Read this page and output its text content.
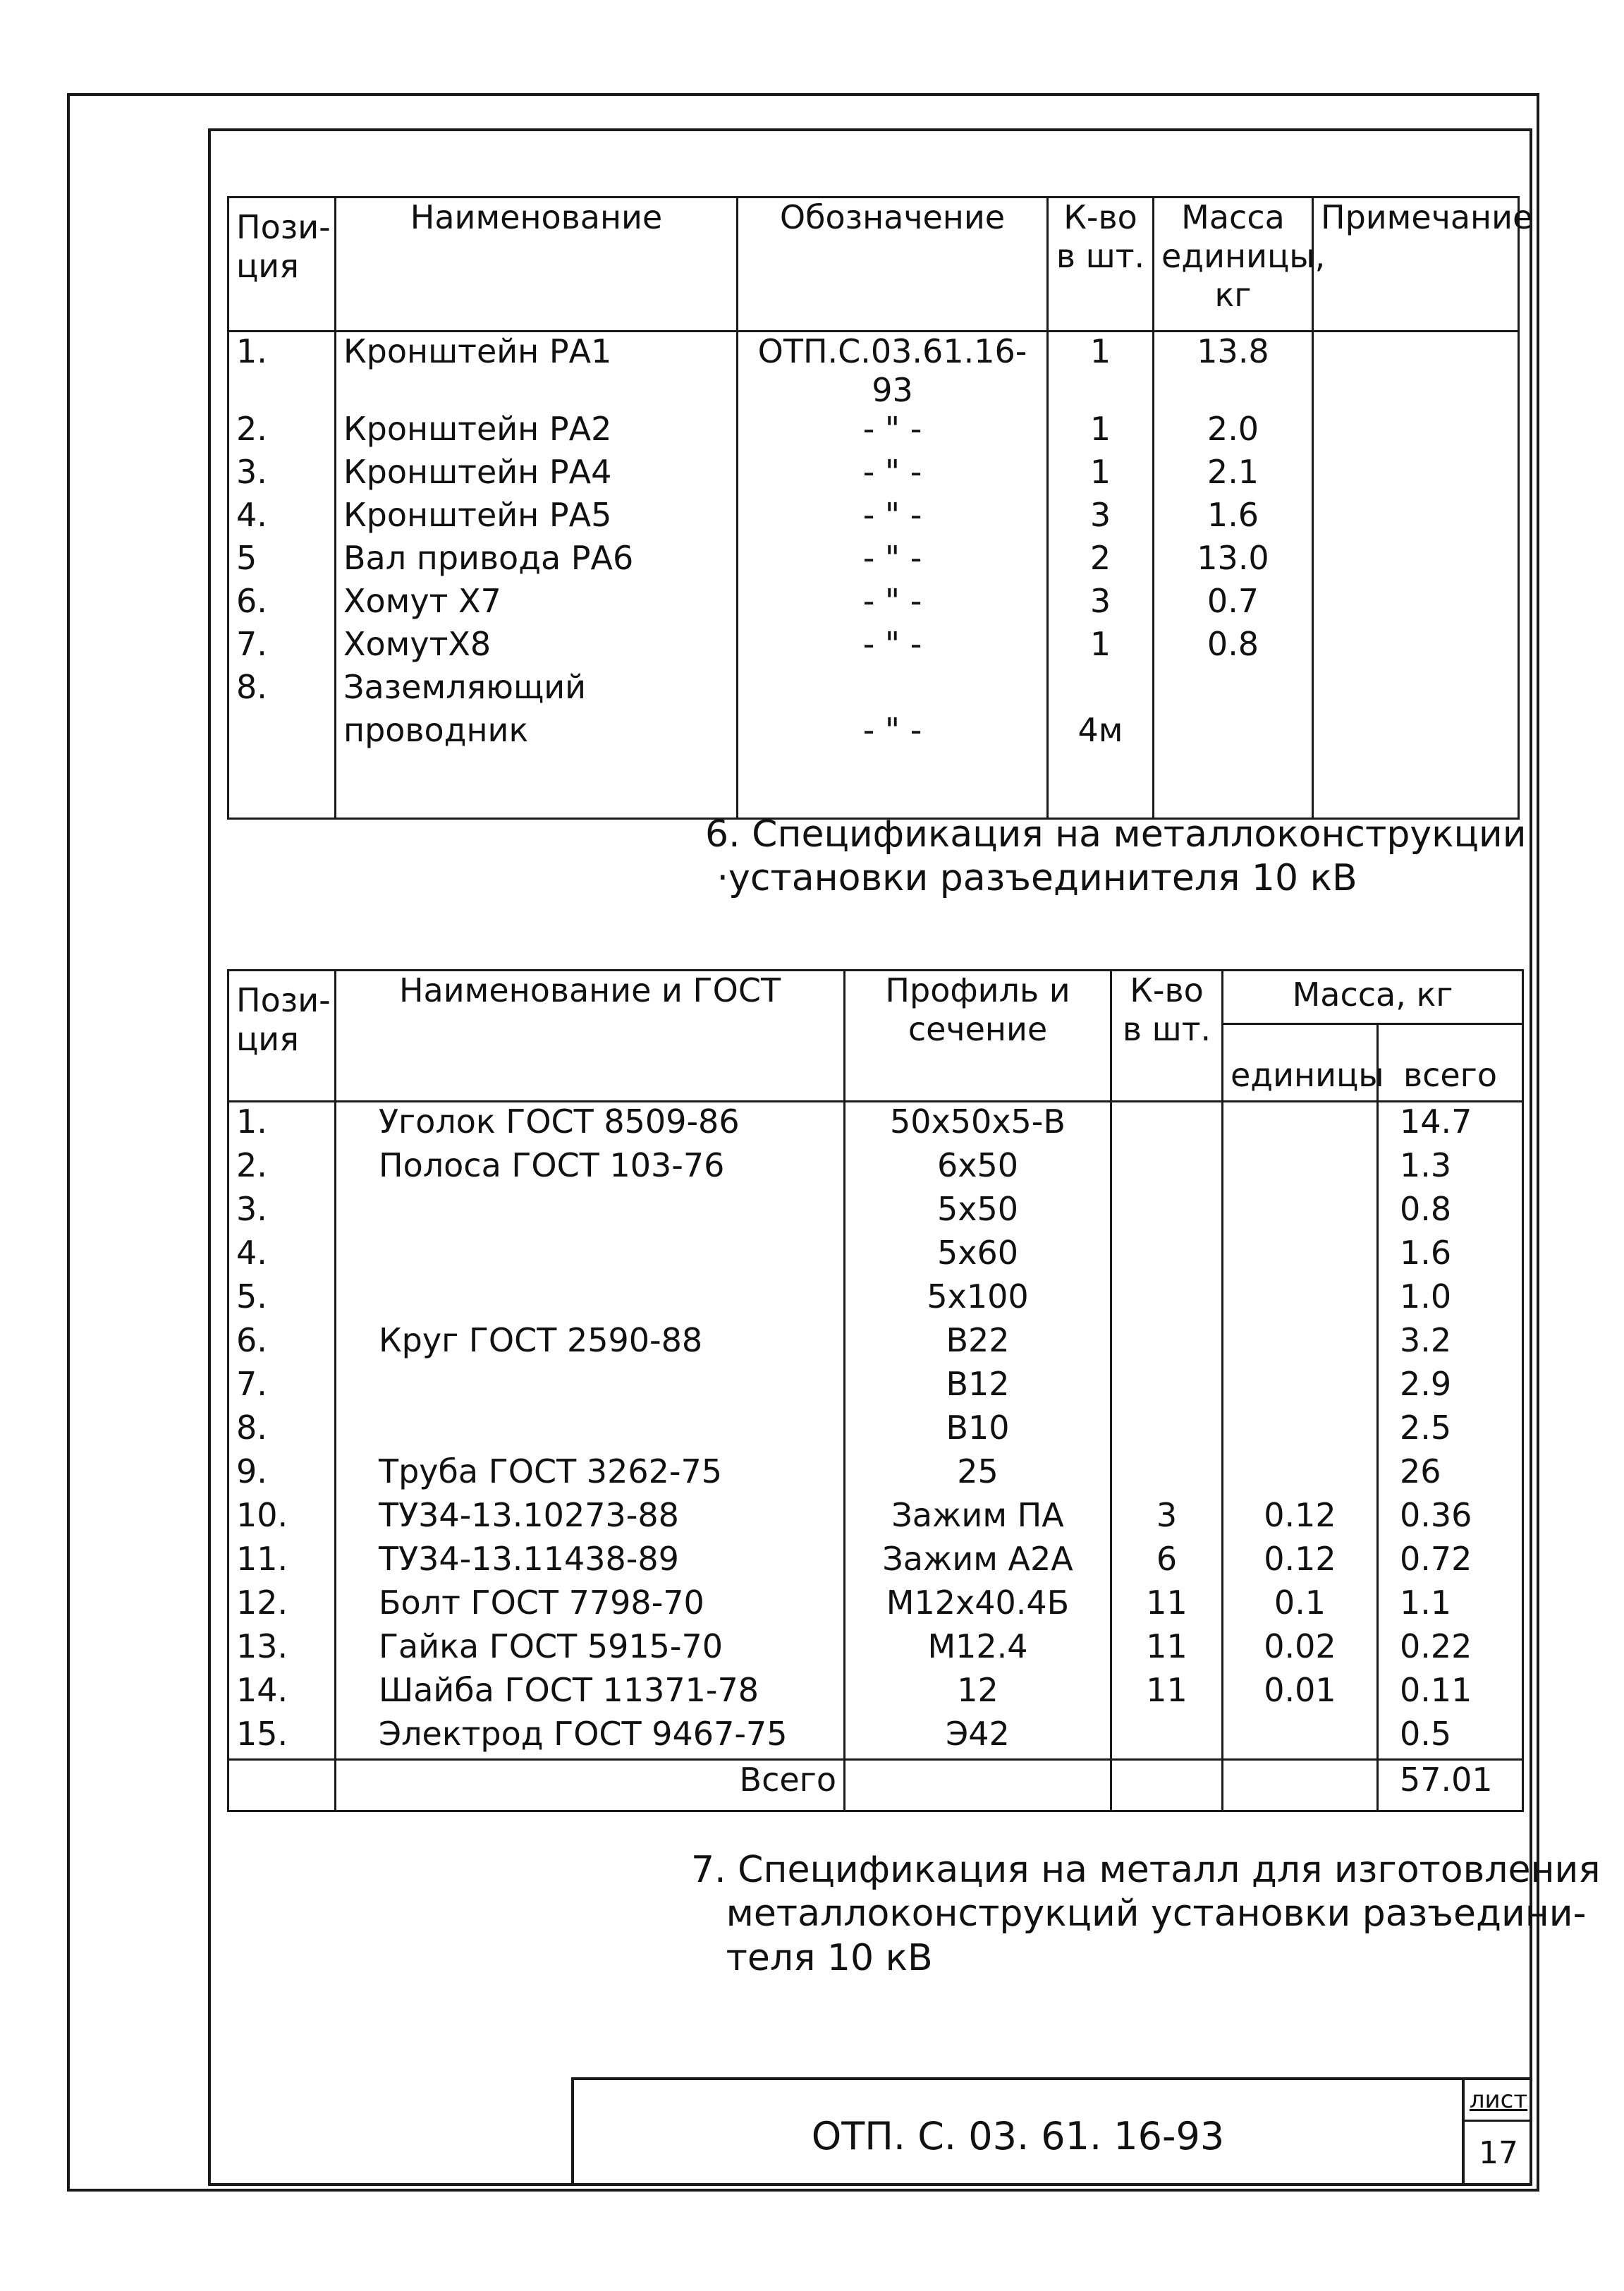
Пози-ция	Наименование	Обозначение	К-во в шт.	Масса единицы, кг	Примечание
1.	Кронштейн РА1	ОТП.С.03.61.16-93	1	13.8	
2.	Кронштейн РА2	- " -	1	2.0	
3.	Кронштейн РА4	- " -	1	2.1	
4.	Кронштейн РА5	- " -	3	1.6	
5	Вал привода РА6	- " -	2	13.0	
6.	Хомут Х7	- " -	3	0.7	
7.	ХомутХ8	- " -	1	0.8	
8.	Заземляющий				
	проводник	- " -	4м		

6. Спецификация на металлоконструкции
·установки разъединителя 10 кВ
Пози-ция	Наименование и ГОСТ	Профиль и сечение	К-во в шт.	Масса, кг	
				единицы	всего
1.	Уголок ГОСТ 8509-86	50x50x5-В			14.7
2.	Полоса ГОСТ 103-76	6x50			1.3
3.		5x50			0.8
4.		5x60			1.6
5.		5x100			1.0
6.	Круг ГОСТ 2590-88	В22			3.2
7.		В12			2.9
8.		В10			2.5
9.	Труба ГОСТ 3262-75	25			26
10.	ТУ34-13.10273-88	Зажим ПА	3	0.12	0.36
11.	ТУ34-13.11438-89	Зажим А2А	6	0.12	0.72
12.	Болт ГОСТ 7798-70	М12х40.4Б	11	0.1	1.1
13.	Гайка ГОСТ 5915-70	М12.4	11	0.02	0.22
14.	Шайба ГОСТ 11371-78	12	11	0.01	0.11
15.	Электрод ГОСТ 9467-75	Э42			0.5
	Всего				57.01
7. Спецификация на металл для изготовления
металлоконструкций установки разъедини-
теля 10 кВ
ОТП. С. 03. 61. 16-93
лист
17
